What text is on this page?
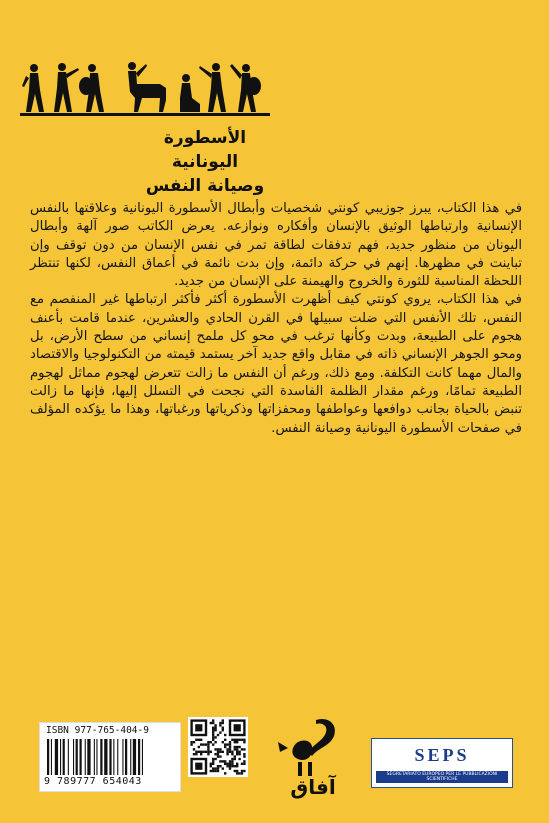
الأسطورة اليونانية
وصيانة النفس

في هذا الكتاب، يبرز جوزيبي كونتي شخصيات وأبطال الأسطورة اليونانية وعلاقتها بالنفس الإنسانية وارتباطها الوثيق بالإنسان وأفكاره ونوازعه. يعرض الكاتب صور آلهة وأبطال اليونان من منظور جديد، فهم تدفقات لطاقة تمر في نفس الإنسان من دون توقف وإن تباينت في مظهرها. إنهم في حركة دائمة، وإن بدت نائمة في أعماق النفس، لكنها تنتظر اللحظة المناسبة للثورة والخروج والهيمنة على الإنسان من جديد.

في هذا الكتاب، يروي كونتي كيف أظهرت الأسطورة أكثر فأكثر ارتباطها غير المنفصم مع النفس، تلك الأنفس التي ضلت سبيلها في القرن الحادي والعشرين، عندما قامت بأعنف هجوم على الطبيعة، وبدت وكأنها ترغب في محو كل ملمح إنساني من سطح الأرض، بل ومحو الجوهر الإنساني ذاته في مقابل واقع جديد آخر يستمد قيمته من التكنولوجيا والاقتصاد والمال مهما كانت التكلفة. ومع ذلك، ورغم أن النفس ما زالت تتعرض لهجوم مماثل لهجوم الطبيعة تمامًا، ورغم مقدار الظلمة الفاسدة التي نجحت في التسلل إليها، فإنها ما زالت تنبض بالحياة بجانب دوافعها وعواطفها ومحفزاتها وذكرياتها ورغباتها، وهذا ما يؤكده المؤلف في صفحات الأسطورة اليونانية وصيانة النفس.

ISBN 977-765-404-9
9 789777 654043	آفاق
SEPS
SEGRETARIATO EUROPEO PER LE PUBBLICAZIONI SCIENTIFICHE
